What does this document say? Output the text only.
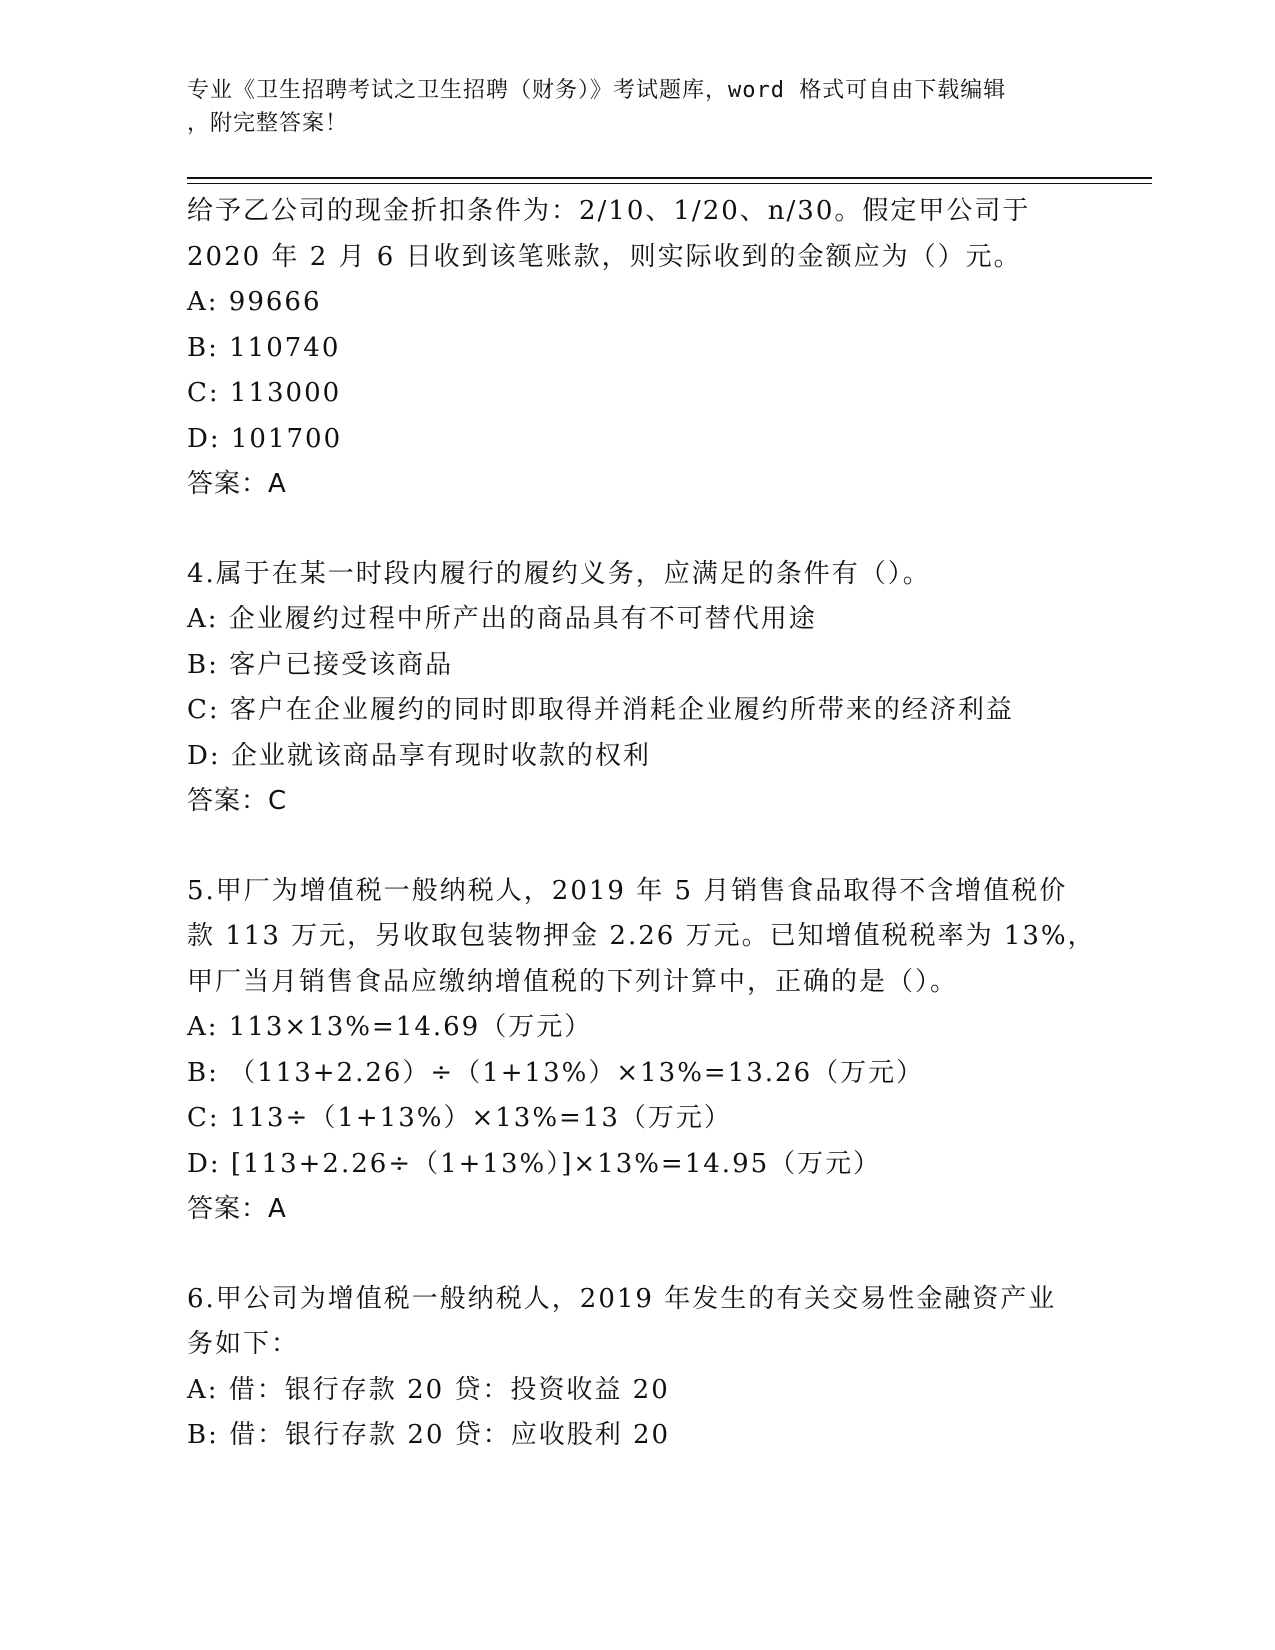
专业《卫生招聘考试之卫生招聘（财务）》考试题库，word 格式可自由下载编辑
，附完整答案！
给予乙公司的现金折扣条件为：2/10、1/20、n/30。假定甲公司于
2020 年 2 月 6 日收到该笔账款，则实际收到的金额应为（）元。
A: 99666
B: 110740
C: 113000
D: 101700
答案：A
4.属于在某一时段内履行的履约义务，应满足的条件有（）。
A: 企业履约过程中所产出的商品具有不可替代用途
B: 客户已接受该商品
C: 客户在企业履约的同时即取得并消耗企业履约所带来的经济利益
D: 企业就该商品享有现时收款的权利
答案：C
5.甲厂为增值税一般纳税人，2019 年 5 月销售食品取得不含增值税价
款 113 万元，另收取包装物押金 2.26 万元。已知增值税税率为 13%，
甲厂当月销售食品应缴纳增值税的下列计算中，正确的是（）。
A: 113×13%=14.69（万元）
B: （113+2.26）÷（1+13%）×13%=13.26（万元）
C: 113÷（1+13%）×13%=13（万元）
D: [113+2.26÷（1+13%）]×13%=14.95（万元）
答案：A
6.甲公司为增值税一般纳税人，2019 年发生的有关交易性金融资产业
务如下：
A: 借：银行存款 20 贷：投资收益 20
B: 借：银行存款 20 贷：应收股利 20
